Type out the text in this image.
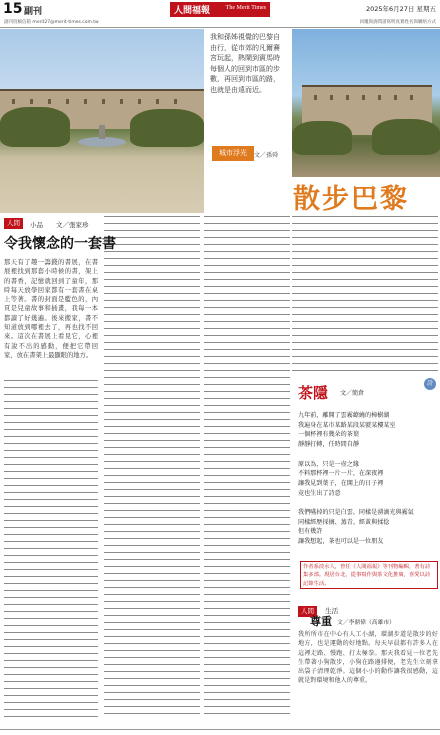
15 副刊	人間福報	The Merit Times	2025年6月27日 星期五
副刊投稿信箱 merit27@merit-times.com.tw	回覆與詢問請寫明真實姓名與聯絡方式
我和孫姊視覺的巴黎自由行，從市郊的凡爾賽宮玩起，熱鬧到賓馬時每個人的回到市區的步數，再回到市區的路，也就是由遠而近。
城市浮光	文／孫舜
散步巴黎
人間	小品 文／張家珍
令我懷念的一套書
那天有了趣一籌錢的書展，在書展裡找到那套小時候的書，架上的書香，記憶就回到了童年，那時每天放學回家都有一套書在桌上等著。書的封面是藍色的，內頁是兒童故事和插畫，我每一本都讀了好幾遍。後來搬家，書不知道放到哪裡去了，再也找不回來。這次在書展上看見它，心裡有說不出的感動，便把它帶回家，放在書架上最顯眼的地方。
茶隱 文／簡倉
詩
九年前，離開了雲霧繚繞的樟樹湖
我遍身在某市某路某段某號某樓某室
一個杯裡有幾朵的茶葉
靜靜打轉，任時間自靜

原以為，只是一壺之緣
不料那杯裡一片一片，在深夜裡
讓我見到葉子，在開上的日子裡
竟也生出了詩意

我們嚥掉的只是白雲，同樣是湧滴光與霧氣
同樣經歷採摘、蒸青、經黃與揉捻
但有幾許
讓我想起，茶也可以是一位朋友
作者系淡水人，曾任《人間福報》等刊物編輯，著有詩集多部。現居台北，從事寫作與茶文化推廣，喜愛以詩記錄生活。
人間 生活
尊重 文／李鼎偉（高雄市）
我所所市在中心有人工小湖，環湖步道是散步的好地方，也是運動的好地點。每天早晨都有許多人在這裡走路、慢跑、打太極拳。那天我看見一位老先生帶著小狗散步，小狗在路邊排便，老先生立刻拿出袋子清理乾淨。這個小小的動作讓我很感動，這就是對環境和他人的尊重。
